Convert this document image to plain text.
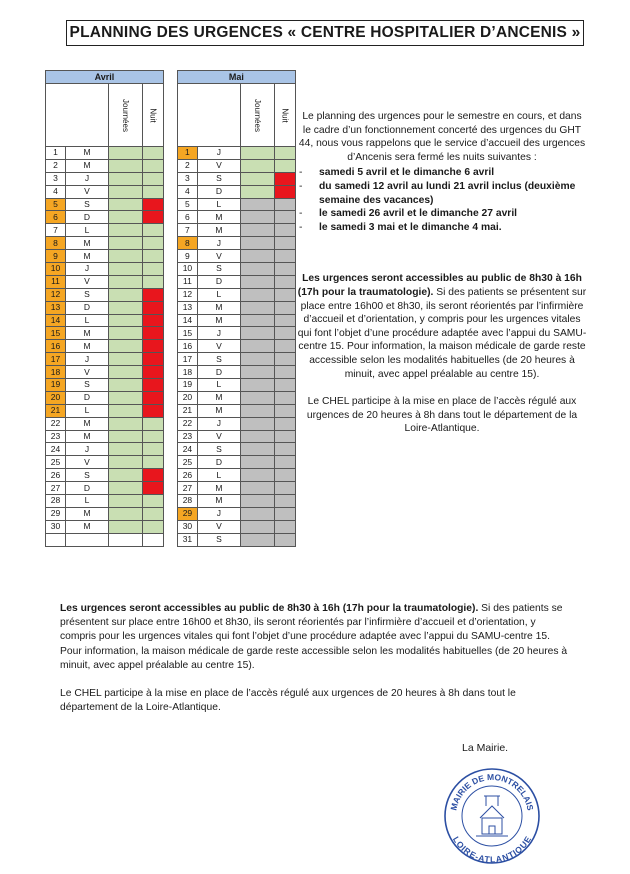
PLANNING DES URGENCES « CENTRE HOSPITALIER D’ANCENIS »
Avril					Mai			
		Journées	Nuit				Journées	Nuit
1	M				1	J		
2	M				2	V		
3	J				3	S		
4	V				4	D		
5	S				5	L		
6	D				6	M		
7	L				7	M		
8	M				8	J		
9	M				9	V		
10	J				10	S		
11	V				11	D		
12	S				12	L		
13	D				13	M		
14	L				14	M		
15	M				15	J		
16	M				16	V		
17	J				17	S		
18	V				18	D		
19	S				19	L		
20	D				20	M		
21	L				21	M		
22	M				22	J		
23	M				23	V		
24	J				24	S		
25	V				25	D		
26	S				26	L		
27	D				27	M		
28	L				28	M		
29	M				29	J		
30	M				30	V		
					31	S		

Le planning des urgences pour le semestre en cours, et dans le cadre d’un fonctionnement concerté des urgences du GHT 44, nous vous rappelons que le service d’accueil des urgences d’Ancenis sera fermé les nuits suivantes :

- samedi 5 avril et le dimanche 6 avril
- du samedi 12 avril au lundi 21 avril inclus (deuxième semaine des vacances)
- le samedi 26 avril et le dimanche 27 avril
- le samedi 3 mai et le dimanche 4 mai.

Les urgences seront accessibles au public de 8h30 à 16h (17h pour la traumatologie). Si des patients se présentent sur place entre 16h00 et 8h30, ils seront réorientés par l’infirmière d’accueil et d’orientation, y compris pour les urgences vitales qui font l’objet d’une procédure adaptée avec l’appui du SAMU-centre 15. Pour information, la maison médicale de garde reste accessible selon les modalités habituelles (de 20 heures à minuit, avec appel préalable au centre 15).

Le CHEL participe à la mise en place de l’accès régulé aux urgences de 20 heures à 8h dans tout le département de la Loire-Atlantique.

Les urgences seront accessibles au public de 8h30 à 16h (17h pour la traumatologie). Si des patients se présentent sur place entre 16h00 et 8h30, ils seront réorientés par l’infirmière d’accueil et d’orientation, y compris pour les urgences vitales qui font l’objet d’une procédure adaptée avec l’appui du SAMU-centre 15. Pour information, la maison médicale de garde reste accessible selon les modalités habituelles (de 20 heures à minuit, avec appel préalable au centre 15).

Le CHEL participe à la mise en place de l’accès régulé aux urgences de 20 heures à 8h dans tout le département de la Loire-Atlantique.

La Mairie.
MAIRIE DE MONTRELAIS
LOIRE-ATLANTIQUE
